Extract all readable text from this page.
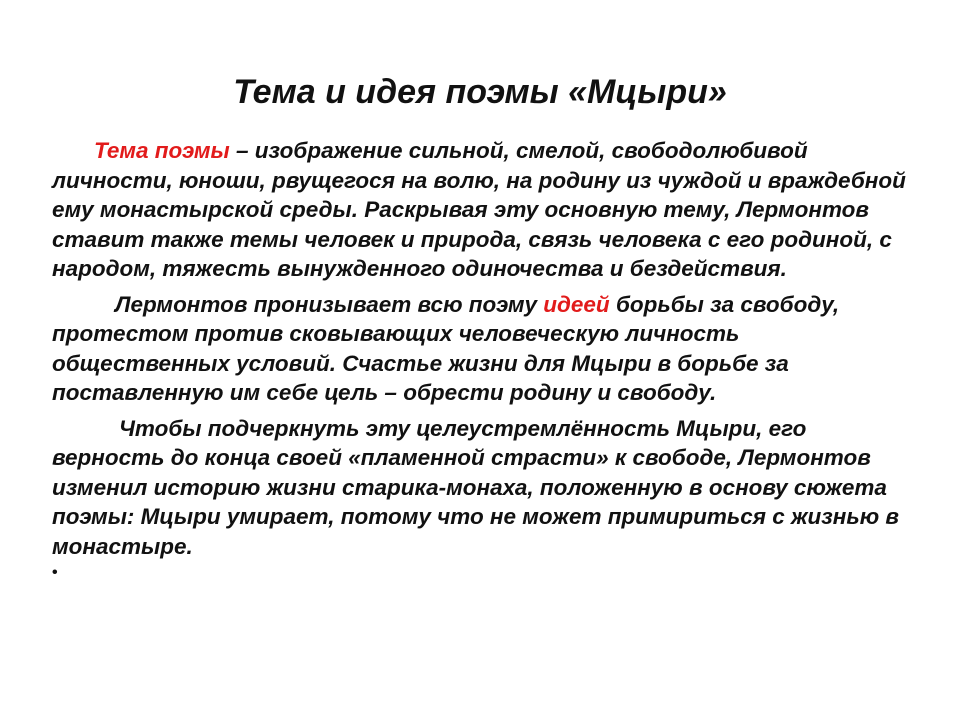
Тема и идея поэмы «Мцыри»

Тема поэмы – изображение сильной, смелой, свободолюбивой личности, юноши, рвущегося на волю, на родину из чуждой и враждебной ему монастырской среды. Раскрывая эту основную тему, Лермонтов ставит также темы человек и природа, связь человека с его родиной, с народом, тяжесть вынужденного одиночества и бездействия.

Лермонтов пронизывает всю поэму идеей борьбы за свободу, протестом против сковывающих человеческую личность общественных условий. Счастье жизни для Мцыри в борьбе за поставленную им себе цель – обрести родину и свободу.

Чтобы подчеркнуть эту целеустремлённость Мцыри, его верность до конца своей «пламенной страсти» к свободе, Лермонтов изменил историю жизни старика-монаха, положенную в основу сюжета поэмы: Мцыри умирает, потому что не может примириться с жизнью в монастыре.

•
